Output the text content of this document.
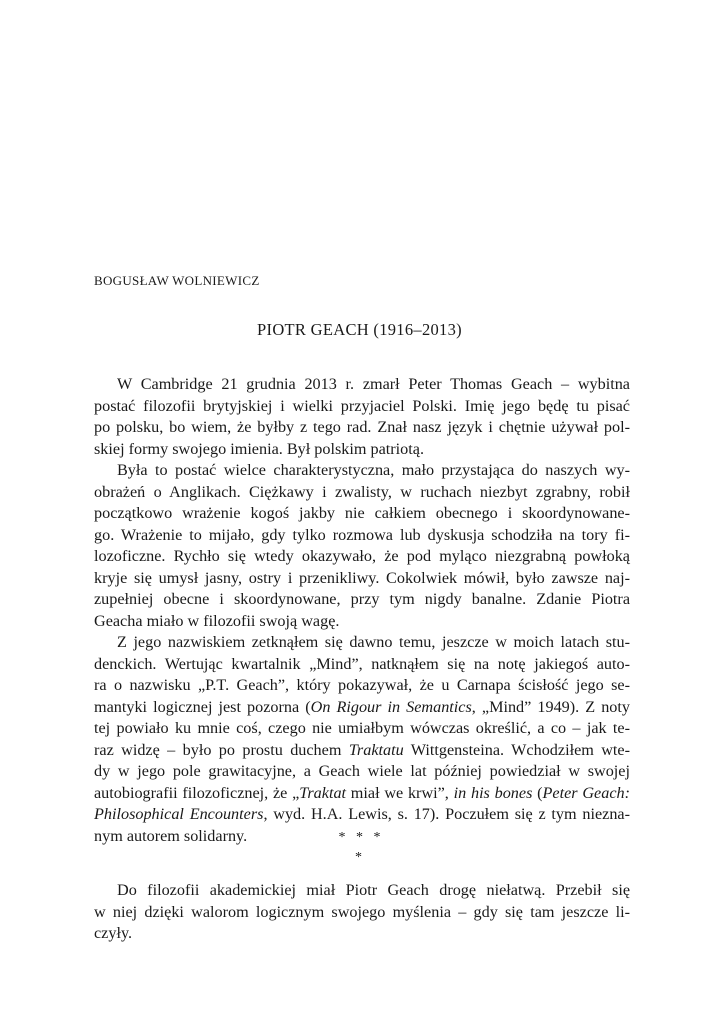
BOGUSŁAW WOLNIEWICZ
PIOTR GEACH (1916–2013)
W Cambridge 21 grudnia 2013 r. zmarł Peter Thomas Geach – wybitna
postać filozofii brytyjskiej i wielki przyjaciel Polski. Imię jego będę tu pisać
po polsku, bo wiem, że byłby z tego rad. Znał nasz język i chętnie używał pol-
skiej formy swojego imienia. Był polskim patriotą.
Była to postać wielce charakterystyczna, mało przystająca do naszych wy-
obrażeń o Anglikach. Ciężkawy i zwalisty, w ruchach niezbyt zgrabny, robił
początkowo wrażenie kogoś jakby nie całkiem obecnego i skoordynowane-
go. Wrażenie to mijało, gdy tylko rozmowa lub dyskusja schodziła na tory fi-
lozoficzne. Rychło się wtedy okazywało, że pod myląco niezgrabną powłoką
kryje się umysł jasny, ostry i przenikliwy. Cokolwiek mówił, było zawsze naj-
zupełniej obecne i skoordynowane, przy tym nigdy banalne. Zdanie Piotra
Geacha miało w filozofii swoją wagę.
Z jego nazwiskiem zetknąłem się dawno temu, jeszcze w moich latach stu-
denckich. Wertując kwartalnik „Mind”, natknąłem się na notę jakiegoś auto-
ra o nazwisku „P.T. Geach”, który pokazywał, że u Carnapa ścisłość jego se-
mantyki logicznej jest pozorna (On Rigour in Semantics, „Mind” 1949). Z noty
tej powiało ku mnie coś, czego nie umiałbym wówczas określić, a co – jak te-
raz widzę – było po prostu duchem Traktatu Wittgensteina. Wchodziłem wte-
dy w jego pole grawitacyjne, a Geach wiele lat później powiedział w swojej
autobiografii filozoficznej, że „Traktat miał we krwi”, in his bones (Peter Geach:
Philosophical Encounters, wyd. H.A. Lewis, s. 17). Poczułem się z tym niezna-
nym autorem solidarny.	*   *   *
*
Do filozofii akademickiej miał Piotr Geach drogę niełatwą. Przebił się
w niej dzięki walorom logicznym swojego myślenia – gdy się tam jeszcze li-
czyły.
